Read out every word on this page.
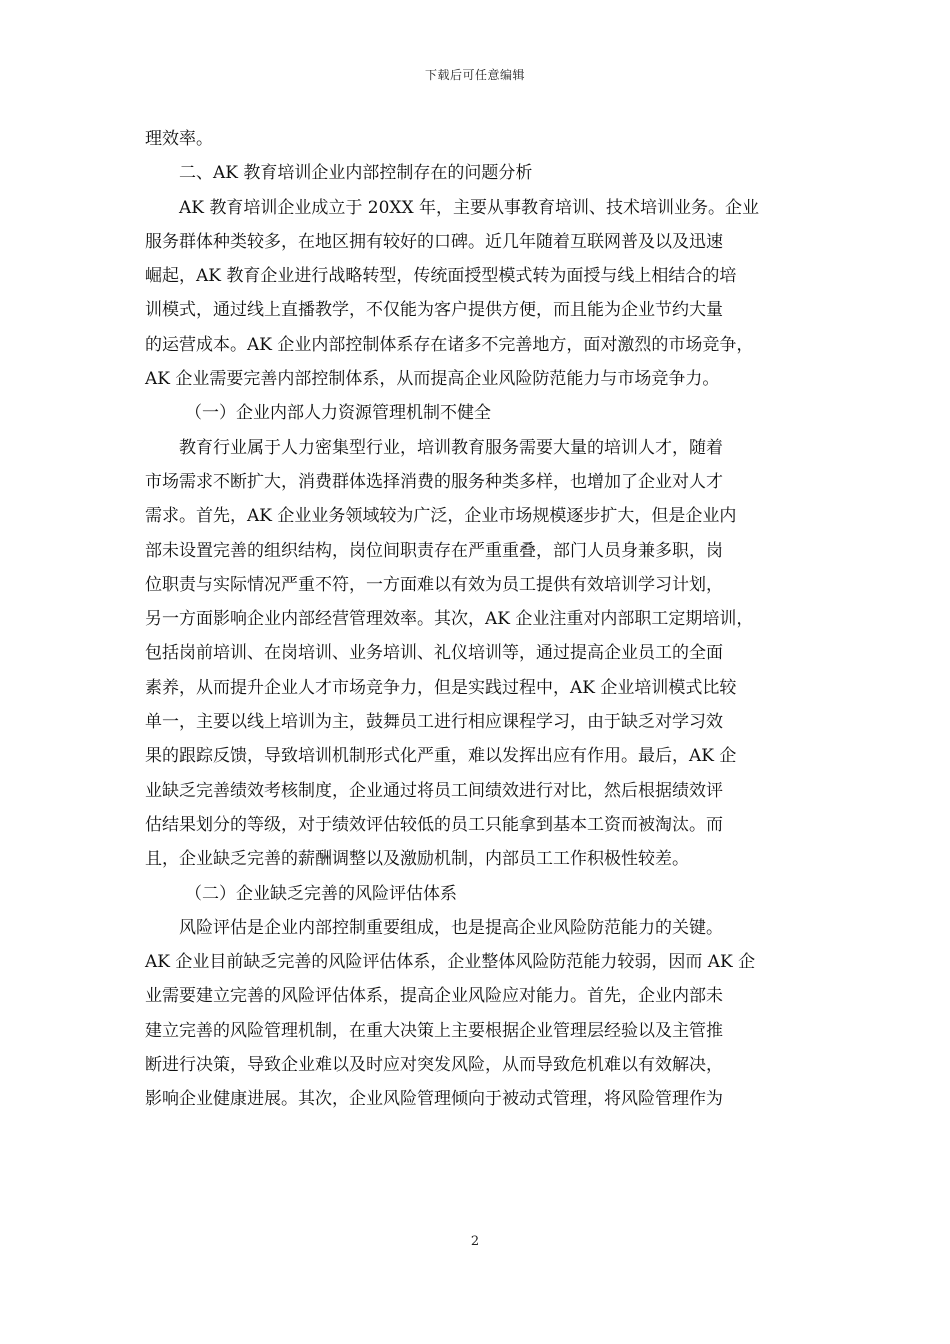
下载后可任意编辑
理效率。
二、AK 教育培训企业内部控制存在的问题分析
AK 教育培训企业成立于 20XX 年，主要从事教育培训、技术培训业务。企业
服务群体种类较多，在地区拥有较好的口碑。近几年随着互联网普及以及迅速
崛起，AK 教育企业进行战略转型，传统面授型模式转为面授与线上相结合的培
训模式，通过线上直播教学，不仅能为客户提供方便，而且能为企业节约大量
的运营成本。AK 企业内部控制体系存在诸多不完善地方，面对激烈的市场竞争，
AK 企业需要完善内部控制体系，从而提高企业风险防范能力与市场竞争力。
（一）企业内部人力资源管理机制不健全
教育行业属于人力密集型行业，培训教育服务需要大量的培训人才，随着
市场需求不断扩大，消费群体选择消费的服务种类多样，也增加了企业对人才
需求。首先，AK 企业业务领域较为广泛，企业市场规模逐步扩大，但是企业内
部未设置完善的组织结构，岗位间职责存在严重重叠，部门人员身兼多职，岗
位职责与实际情况严重不符，一方面难以有效为员工提供有效培训学习计划，
另一方面影响企业内部经营管理效率。其次，AK 企业注重对内部职工定期培训，
包括岗前培训、在岗培训、业务培训、礼仪培训等，通过提高企业员工的全面
素养，从而提升企业人才市场竞争力，但是实践过程中，AK 企业培训模式比较
单一，主要以线上培训为主，鼓舞员工进行相应课程学习，由于缺乏对学习效
果的跟踪反馈，导致培训机制形式化严重，难以发挥出应有作用。最后，AK 企
业缺乏完善绩效考核制度，企业通过将员工间绩效进行对比，然后根据绩效评
估结果划分的等级，对于绩效评估较低的员工只能拿到基本工资而被淘汰。而
且，企业缺乏完善的薪酬调整以及激励机制，内部员工工作积极性较差。
（二）企业缺乏完善的风险评估体系
风险评估是企业内部控制重要组成，也是提高企业风险防范能力的关键。
AK 企业目前缺乏完善的风险评估体系，企业整体风险防范能力较弱，因而 AK 企
业需要建立完善的风险评估体系，提高企业风险应对能力。首先，企业内部未
建立完善的风险管理机制，在重大决策上主要根据企业管理层经验以及主管推
断进行决策，导致企业难以及时应对突发风险，从而导致危机难以有效解决，
影响企业健康进展。其次，企业风险管理倾向于被动式管理，将风险管理作为
2
